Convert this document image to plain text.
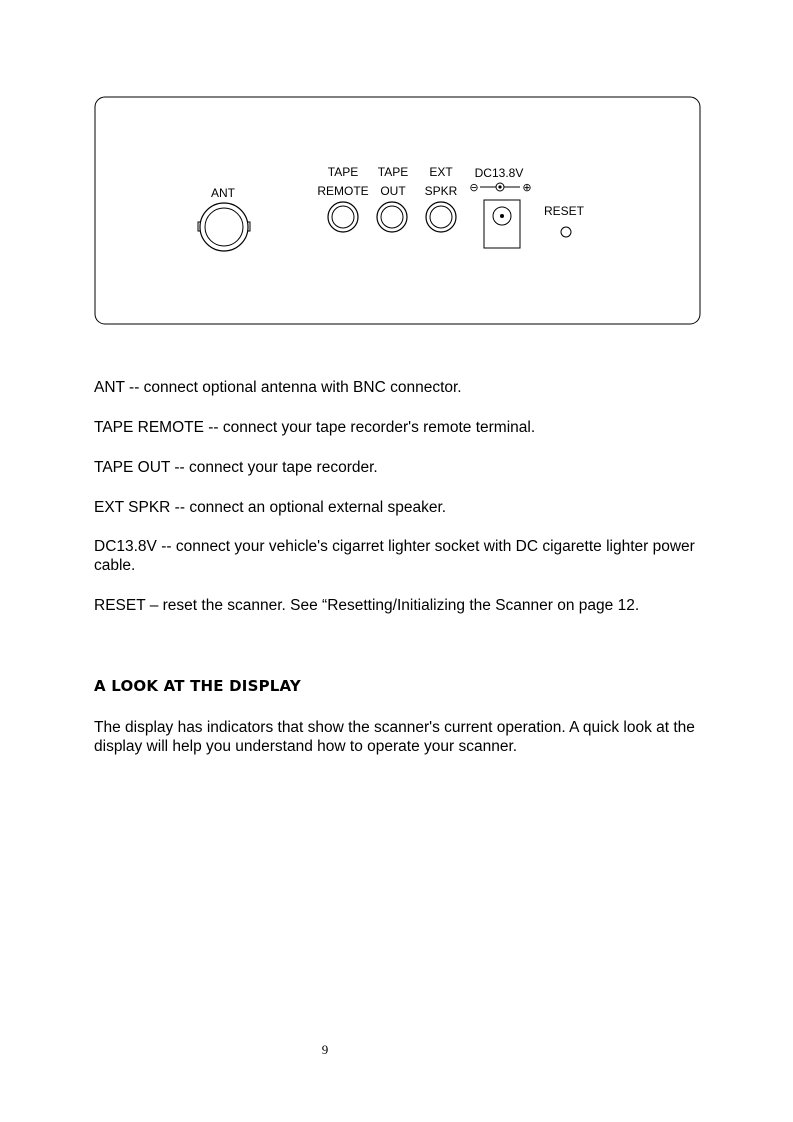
ANT
TAPE
REMOTE
TAPE
OUT
EXT
SPKR
DC13.8V
⊖	⊕
RESET

ANT -- connect optional antenna with BNC connector.

TAPE REMOTE -- connect your tape recorder's remote terminal.

TAPE OUT -- connect your tape recorder.

EXT SPKR -- connect an optional external speaker.

DC13.8V -- connect your vehicle's cigarret lighter socket with DC cigarette lighter power cable.

RESET – reset the scanner. See “Resetting/Initializing the Scanner on page 12.

A LOOK AT THE DISPLAY

The display has indicators that show the scanner's current operation. A quick look at the display will help you understand how to operate your scanner.

9
